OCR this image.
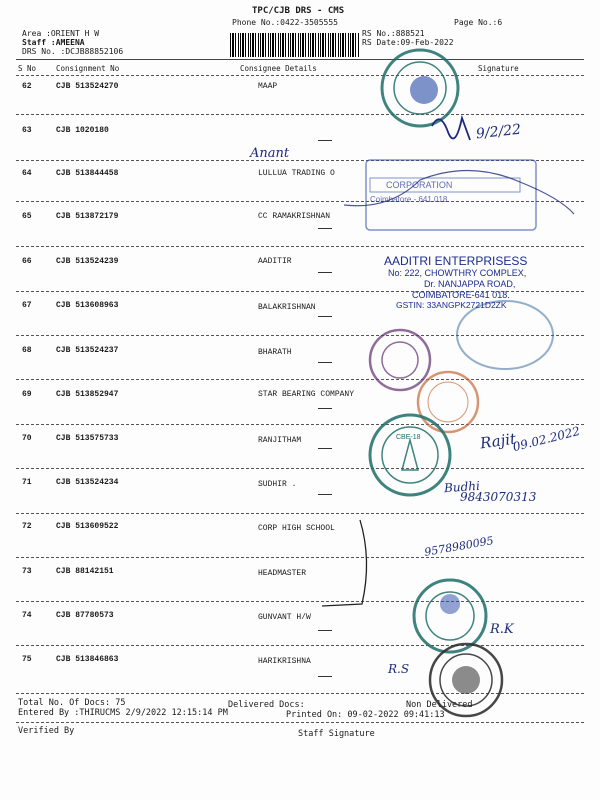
TPC/CJB DRS - CMS
Phone No.:0422-3505555	Page No.:6
Area :ORIENT H W
Staff :AMEENA
DRS No. :DCJB88852106
RS No.:888521
RS Date:09-Feb-2022
S No	Consignment No	Consignee Details	Signature
62	CJB 513524270	MAAP
63	CJB 1020180
64	CJB 513844458	LULLUA TRADING O
65	CJB 513872179	CC RAMAKRISHNAN
66	CJB 513524239	AADITIR
67	CJB 513608963	BALAKRISHNAN
68	CJB 513524237	BHARATH
69	CJB 513852947	STAR BEARING COMPANY
70	CJB 513575733	RANJITHAM
71	CJB 513524234	SUDHIR .
72	CJB 513609522	CORP HIGH SCHOOL
73	CJB 88142151	HEADMASTER
74	CJB 87780573	GUNVANT H/W
75	CJB 513846863	HARIKRISHNA
AADITRI ENTERPRISESS
No: 222, CHOWTHRY COMPLEX,
Dr. NANJAPPA ROAD,
COIMBATORE-641 018.
GSTIN: 33ANGPK2721D2ZK
CORPORATION
Coimbatore - 641 018.
CBE-18
Anant
9/2/22
09.02.2022
Rajit
Budhi
9843070313
9578980095
R.K
R.S
Total No. Of Docs: 75	Delivered Docs:	Non Delivered
Entered By :THIRUCMS 2/9/2022 12:15:14 PM	Printed On: 09-02-2022 09:41:13
Verified By	Staff Signature
